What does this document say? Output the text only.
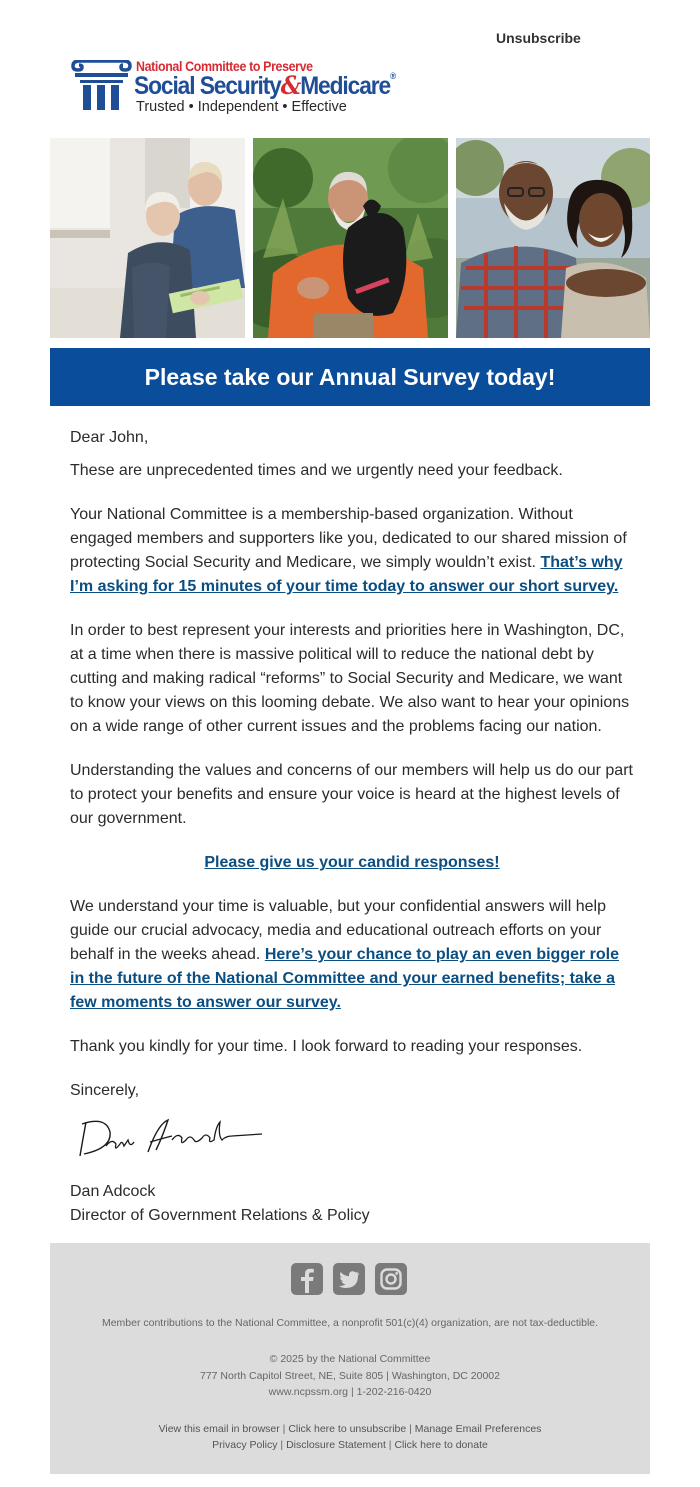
Unsubscribe
National Committee to Preserve
Social Security&Medicare®
Trusted • Independent • Effective
Please take our Annual Survey today!

Dear John,

These are unprecedented times and we urgently need your feedback.

Your National Committee is a membership-based organization. Without engaged members and supporters like you, dedicated to our shared mission of protecting Social Security and Medicare, we simply wouldn’t exist. That’s why I’m asking for 15 minutes of your time today to answer our short survey.

In order to best represent your interests and priorities here in Washington, DC, at a time when there is massive political will to reduce the national debt by cutting and making radical “reforms” to Social Security and Medicare, we want to know your views on this looming debate. We also want to hear your opinions on a wide range of other current issues and the problems facing our nation.

Understanding the values and concerns of our members will help us do our part to protect your benefits and ensure your voice is heard at the highest levels of our government.

Please give us your candid responses!

We understand your time is valuable, but your confidential answers will help guide our crucial advocacy, media and educational outreach efforts on your behalf in the weeks ahead. Here’s your chance to play an even bigger role in the future of the National Committee and your earned benefits; take a few moments to answer our survey.

Thank you kindly for your time. I look forward to reading your responses.

Sincerely,

Dan Adcock
Director of Government Relations & Policy
Member contributions to the National Committee, a nonprofit 501(c)(4) organization, are not tax-deductible.
© 2025 by the National Committee
777 North Capitol Street, NE, Suite 805 | Washington, DC 20002
www.ncpssm.org | 1-202-216-0420
View this email in browser | Click here to unsubscribe | Manage Email Preferences
Privacy Policy | Disclosure Statement | Click here to donate
